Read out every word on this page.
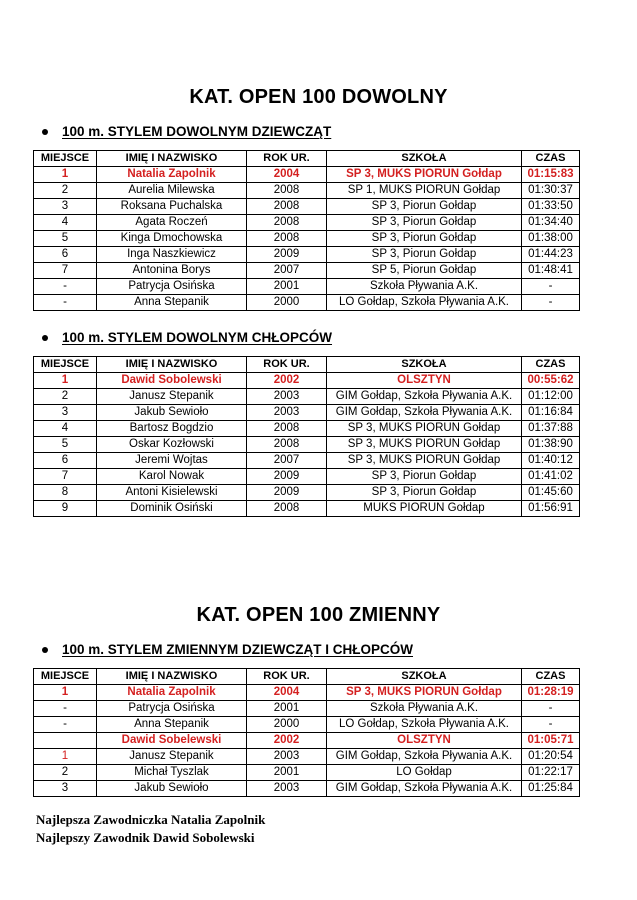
KAT. OPEN 100 DOWOLNY
100 m. STYLEM DOWOLNYM DZIEWCZĄT
MIEJSCE	IMIĘ I NAZWISKO	ROK UR.	SZKOŁA	CZAS
1	Natalia Zapolnik	2004	SP 3, MUKS PIORUN Gołdap	01:15:83
2	Aurelia Milewska	2008	SP 1, MUKS PIORUN Gołdap	01:30:37
3	Roksana Puchalska	2008	SP 3, Piorun Gołdap	01:33:50
4	Agata Roczeń	2008	SP 3, Piorun Gołdap	01:34:40
5	Kinga Dmochowska	2008	SP 3, Piorun Gołdap	01:38:00
6	Inga Naszkiewicz	2009	SP 3, Piorun Gołdap	01:44:23
7	Antonina Borys	2007	SP 5, Piorun Gołdap	01:48:41
-	Patrycja Osińska	2001	Szkoła Pływania A.K.	-
-	Anna Stepanik	2000	LO Gołdap, Szkoła Pływania A.K.	-
100 m. STYLEM DOWOLNYM CHŁOPCÓW
MIEJSCE	IMIĘ I NAZWISKO	ROK UR.	SZKOŁA	CZAS
1	Dawid Sobolewski	2002	OLSZTYN	00:55:62
2	Janusz Stepanik	2003	GIM Gołdap, Szkoła Pływania A.K.	01:12:00
3	Jakub Sewioło	2003	GIM Gołdap, Szkoła Pływania A.K.	01:16:84
4	Bartosz Bogdzio	2008	SP 3, MUKS PIORUN Gołdap	01:37:88
5	Oskar Kozłowski	2008	SP 3, MUKS PIORUN Gołdap	01:38:90
6	Jeremi Wojtas	2007	SP 3, MUKS PIORUN Gołdap	01:40:12
7	Karol Nowak	2009	SP 3, Piorun Gołdap	01:41:02
8	Antoni Kisielewski	2009	SP 3, Piorun Gołdap	01:45:60
9	Dominik Osiński	2008	MUKS PIORUN Gołdap	01:56:91
KAT. OPEN 100 ZMIENNY
100 m. STYLEM ZMIENNYM DZIEWCZĄT I CHŁOPCÓW
MIEJSCE	IMIĘ I NAZWISKO	ROK UR.	SZKOŁA	CZAS
1	Natalia Zapolnik	2004	SP 3, MUKS PIORUN Gołdap	01:28:19
-	Patrycja Osińska	2001	Szkoła Pływania A.K.	-
-	Anna Stepanik	2000	LO Gołdap, Szkoła Pływania A.K.	-
	Dawid Sobelewski	2002	OLSZTYN	01:05:71
1	Janusz Stepanik	2003	GIM Gołdap, Szkoła Pływania A.K.	01:20:54
2	Michał Tyszlak	2001	LO Gołdap	01:22:17
3	Jakub Sewioło	2003	GIM Gołdap, Szkoła Pływania A.K.	01:25:84
Najlepsza Zawodniczka Natalia Zapolnik
Najlepszy Zawodnik Dawid Sobolewski
